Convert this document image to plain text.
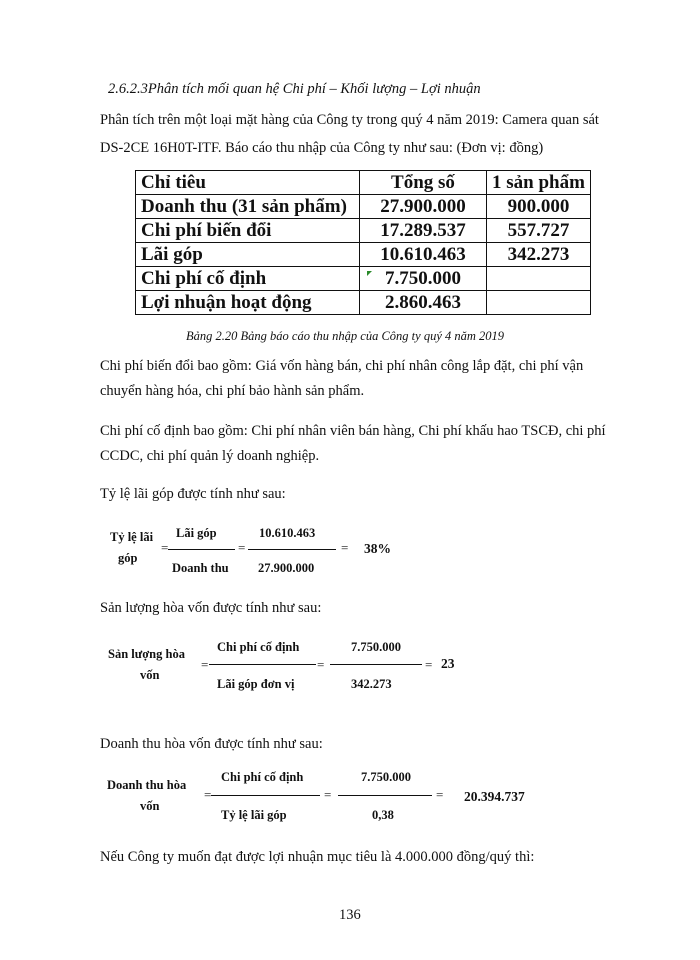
2.6.2.3Phân tích mối quan hệ Chi phí – Khối lượng – Lợi nhuận
Phân tích trên một loại mặt hàng của Công ty trong quý 4 năm 2019: Camera quan sát
DS-2CE 16H0T-ITF. Báo cáo thu nhập của Công ty như sau: (Đơn vị: đồng)
Chỉ tiêu	Tổng số	1 sản phẩm
Doanh thu (31 sản phẩm)	27.900.000	900.000
Chi phí biến đổi	17.289.537	557.727
Lãi góp	10.610.463	342.273
Chi phí cố định	7.750.000	
Lợi nhuận hoạt động	2.860.463	
Bảng 2.20 Bảng báo cáo thu nhập của Công ty quý 4 năm 2019
Chi phí biến đổi bao gồm: Giá vốn hàng bán, chi phí nhân công lắp đặt, chi phí vận
chuyển hàng hóa, chi phí bảo hành sản phẩm.
Chi phí cố định bao gồm: Chi phí nhân viên bán hàng, Chi phí khấu hao TSCĐ, chi phí
CCDC, chi phí quản lý doanh nghiệp.
Tỷ lệ lãi góp được tính như sau:
Tỷ lệ lãi
góp
=
Lãi góp
Doanh thu
=
10.610.463
27.900.000
= 38%
Sản lượng hòa vốn được tính như sau:
Sản lượng hòa
vốn
=
Chi phí cố định
Lãi góp đơn vị
=
7.750.000
342.273
= 23
Doanh thu hòa vốn được tính như sau:
Doanh thu hòa
vốn
=
Chi phí cố định
Tỷ lệ lãi góp
=
7.750.000
0,38
= 20.394.737
Nếu Công ty muốn đạt được lợi nhuận mục tiêu là 4.000.000 đồng/quý thì:
136
